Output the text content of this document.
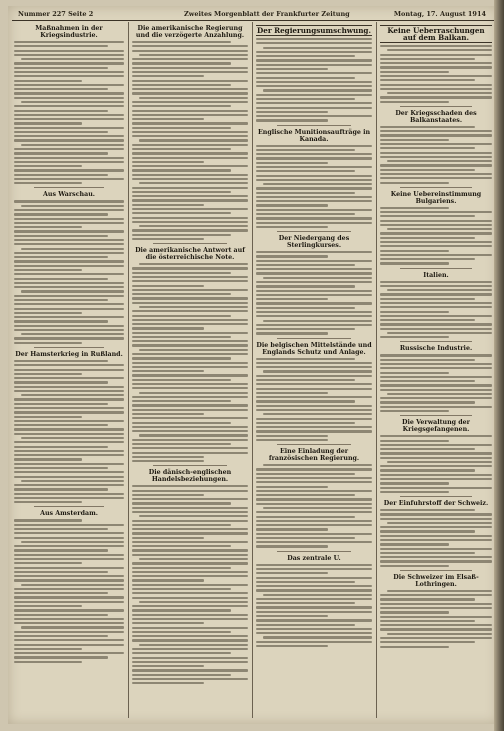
Nummer 227 Seite 2	Zweites Morgenblatt der Frankfurter Zeitung	Montag, 17. August 1914
Maßnahmen in der Kriegsindustrie.
Aus Warschau.
Der Hamsterkrieg in Rußland.
Aus Amsterdam.
Die amerikanische Regierung und die verzögerte Anzahlung.
Die amerikanische Antwort auf die österreichische Note.
Die dänisch-englischen Handelsbeziehungen.
Der Regierungsumschwung.
Englische Munitionsaufträge in Kanada.
Der Niedergang des Sterlingkurses.
Die belgischen Mittelstände und Englands Schutz und Anlage.
Eine Einladung der französischen Regierung.
Das zentrale U.
Keine Ueberraschungen auf dem Balkan.
Der Kriegsschaden des Balkanstaates.
Keine Uebereinstimmung Bulgariens.
Italien.
Russische Industrie.
Die Verwaltung der Kriegsgefangenen.
Der Einfuhrstoff der Schweiz.
Die Schweizer im Elsaß-Lothringen.
